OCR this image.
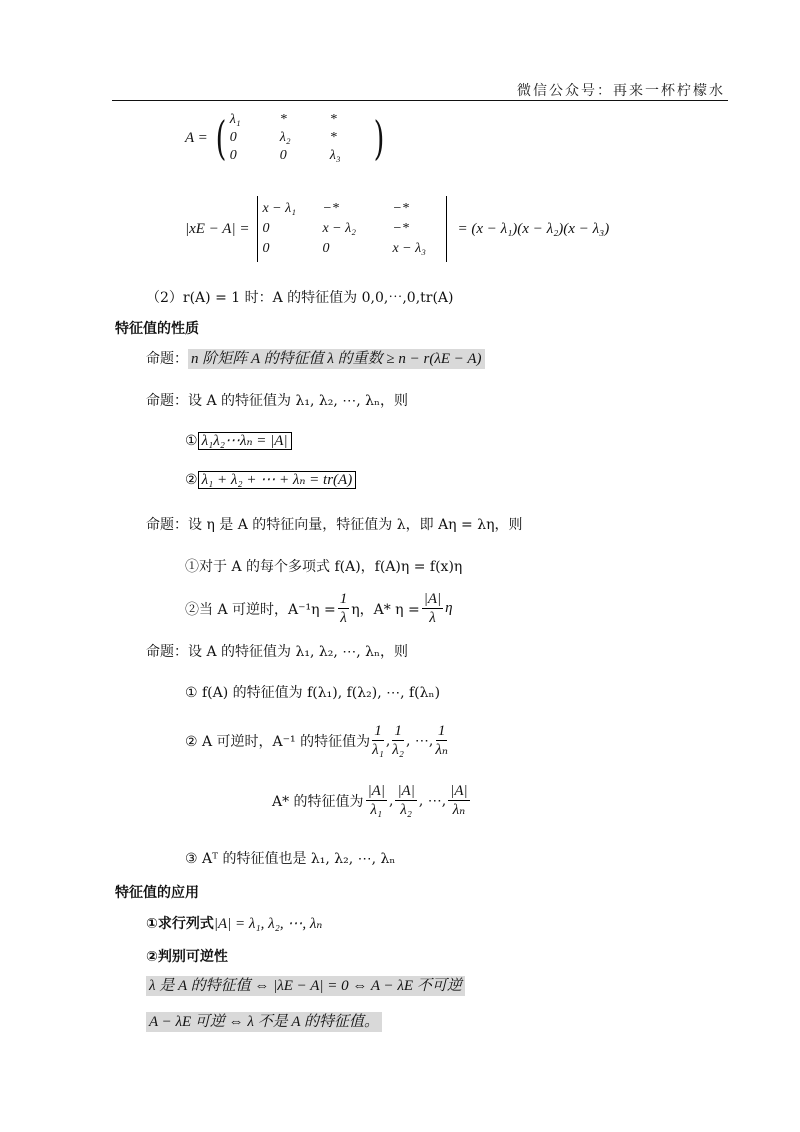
微信公众号：再来一杯柠檬水
A = ( λ₁	*	*
0	λ₂	*
0	0	λ₃ )
|xE − A| =
x − λ₁	−*	−*
0	x − λ₂	−*
0	0	x − λ₃
= (x − λ₁)(x − λ₂)(x − λ₃)
（2）r(A) = 1 时：A 的特征值为 0,0,⋯,0,tr(A)
特征值的性质
命题： n 阶矩阵 A 的特征值 λ 的重数 ≥ n − r(λE − A)
命题：设 A 的特征值为 λ₁, λ₂, ⋯, λₙ，则
① λ₁λ₂⋯λₙ = |A|
② λ₁ + λ₂ + ⋯ + λₙ = tr(A)
命题：设 η 是 A 的特征向量，特征值为 λ，即 Aη = λη，则
①对于 A 的每个多项式 f(A)，f(A)η = f(x)η
②当 A 可逆时，$A^{-1}\eta = \frac{1}{\lambda}$ η，A* $\eta = \frac{|A|}{\lambda}$ η
命题：设 A 的特征值为 λ₁, λ₂, ⋯, λₙ，则
① f(A) 的特征值为 f(λ₁), f(λ₂), ⋯, f(λₙ)
② A 可逆时，A⁻¹ 的特征值为 $\frac{1}{\text{λ₁}}$ , $\frac{1}{\text{λ₂}}$ , ⋯, $\frac{1}{\text{λₙ}}$
A* 的特征值为 $\frac{|A|}{\text{λ₁}}$ , $\frac{|A|}{\text{λ₂}}$ , ⋯, $\frac{|A|}{\text{λₙ}}$
③ Aᵀ 的特征值也是 λ₁, λ₂, ⋯, λₙ
特征值的应用
①求行列式|A| = λ₁, λ₂, ⋯, λₙ
②判别可逆性
λ 是 A 的特征值 ⇔ |λE − A| = 0 ⇔ A − λE 不可逆
A − λE 可逆 ⇔ λ 不是 A 的特征值。
